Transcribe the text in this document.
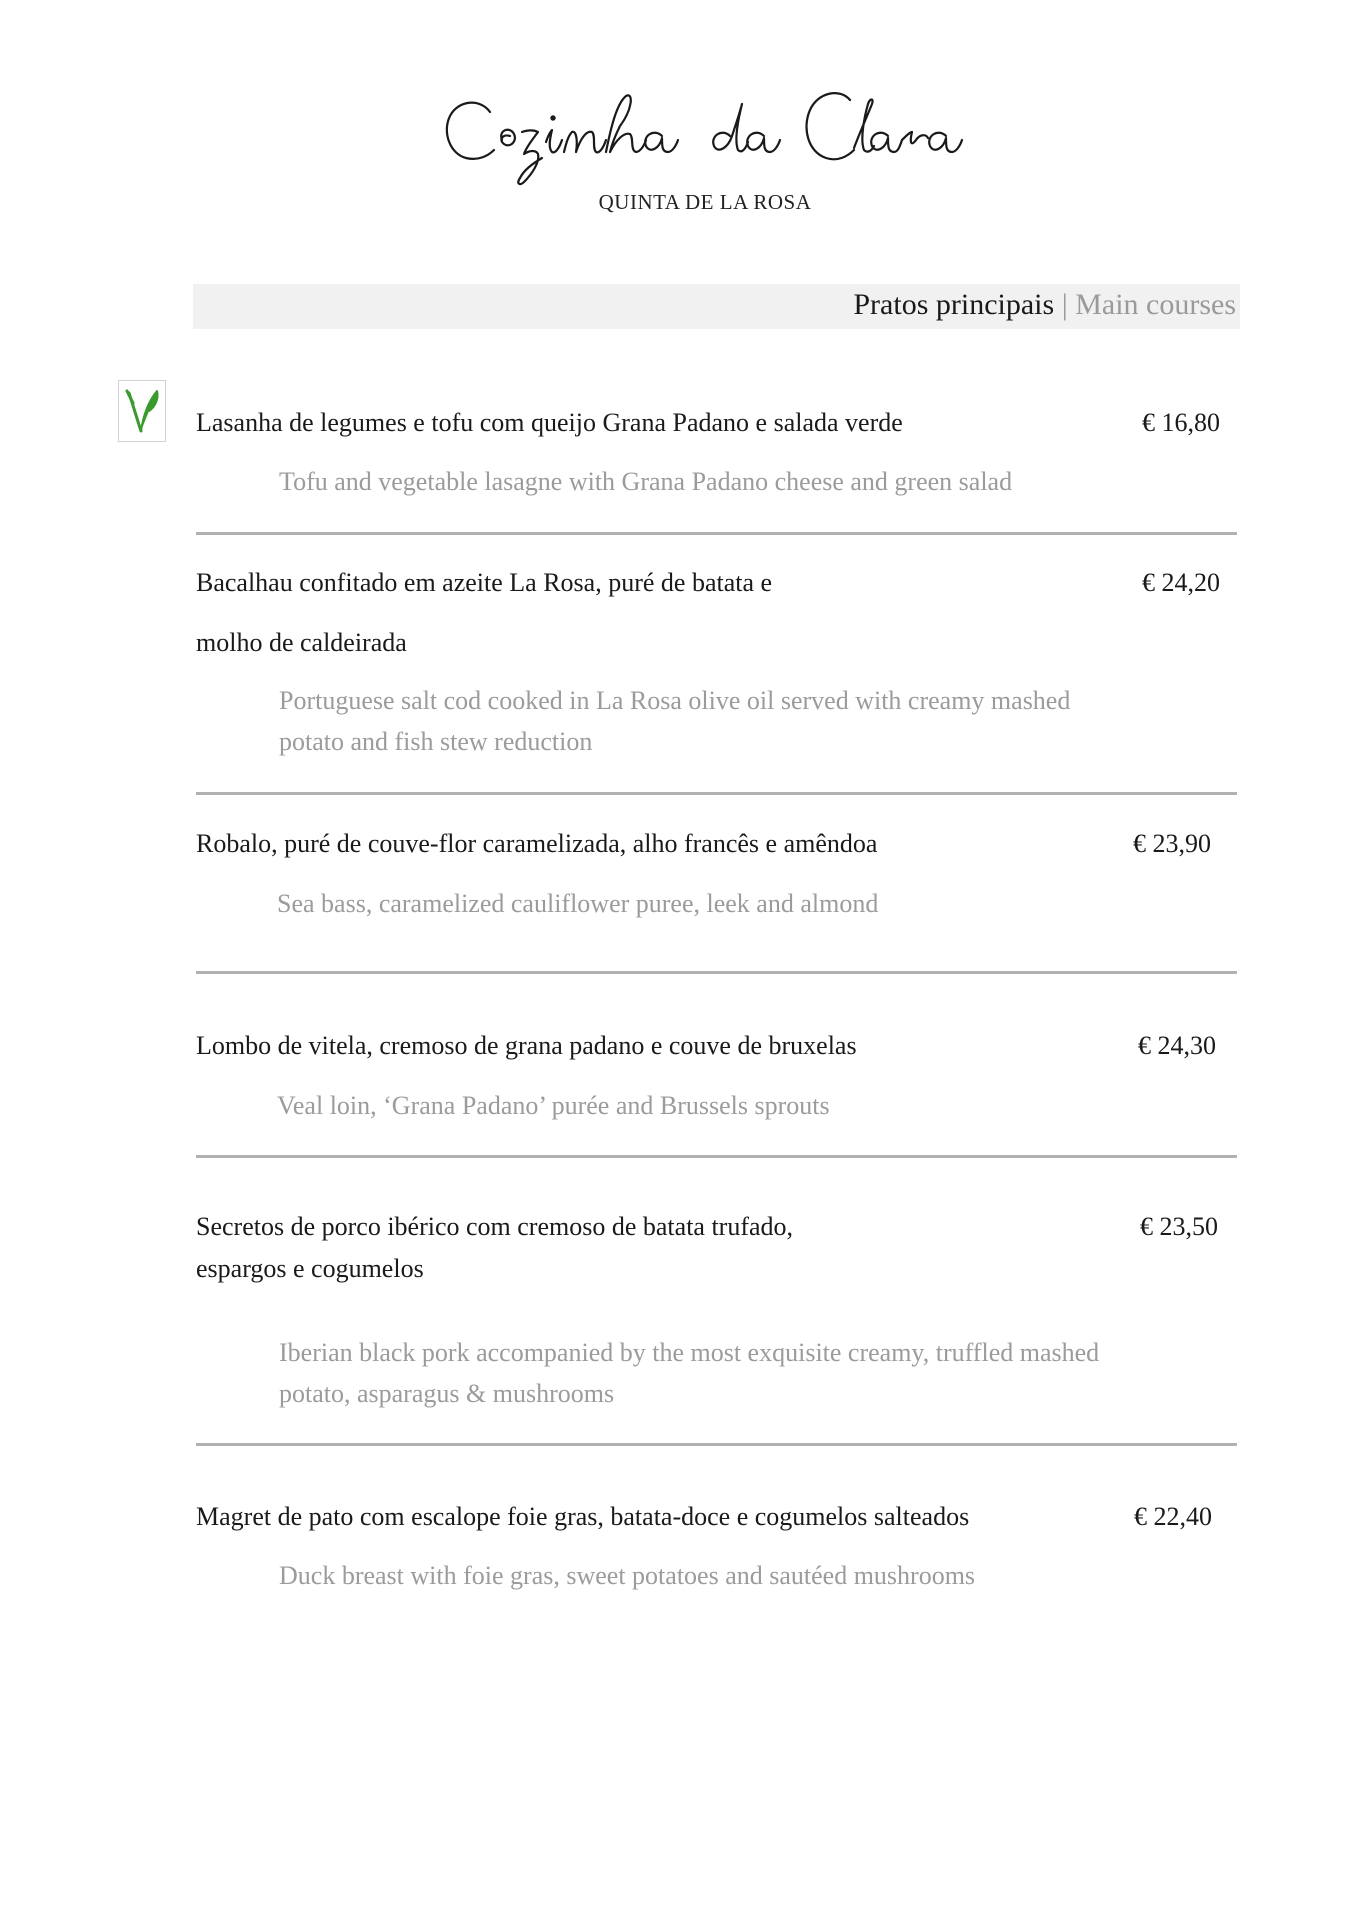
QUINTA DE LA ROSA
Pratos principais | Main courses
Lasanha de legumes e tofu com queijo Grana Padano e salada verde	€ 16,80
Tofu and vegetable lasagne with Grana Padano cheese and green salad
Bacalhau confitado em azeite La Rosa, puré de batata e
molho de caldeirada
€ 24,20
Portuguese salt cod cooked in La Rosa olive oil served with creamy mashed
potato and fish stew reduction
Robalo, puré de couve-flor caramelizada, alho francês e amêndoa	€ 23,90
Sea bass, caramelized cauliflower puree, leek and almond
Lombo de vitela, cremoso de grana padano e couve de bruxelas	€ 24,30
Veal loin, ‘Grana Padano’ purée and Brussels sprouts
Secretos de porco ibérico com cremoso de batata trufado,
espargos e cogumelos
€ 23,50
Iberian black pork accompanied by the most exquisite creamy, truffled mashed
potato, asparagus & mushrooms
Magret de pato com escalope foie gras, batata-doce e cogumelos salteados	€ 22,40
Duck breast with foie gras, sweet potatoes and sautéed mushrooms
